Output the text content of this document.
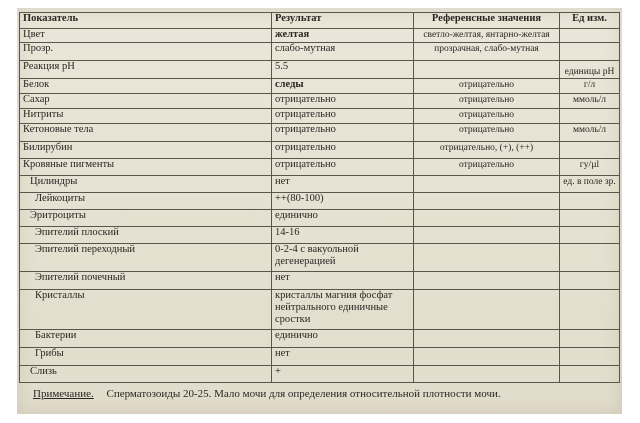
Показатель	Результат	Референсные значения	Ед изм.
Цвет	желтая	светло-желтая, янтарно-желтая	
Прозр.	слабо-мутная	прозрачная, слабо-мутная	
Реакция pH	5.5		единицы pH
Белок	следы	отрицательно	г/л
Сахар	отрицательно	отрицательно	ммоль/л
Нитриты	отрицательно	отрицательно	
Кетоновые тела	отрицательно	отрицательно	ммоль/л
Билирубин	отрицательно	отрицательно, (+), (++)	
Кровяные пигменты	отрицательно	отрицательно	гу/µl
Цилиндры	нет		ед. в поле зр.
Лейкоциты	++(80-100)		
Эритроциты	единично		
Эпителий плоский	14-16		
Эпителий переходный	0-2-4 с вакуольной дегенерацией		
Эпителий почечный	нет		
Кристаллы	кристаллы магния фосфат нейтрального единичные сростки		
Бактерии	единично		
Грибы	нет		
Слизь	+		
Примечание. Сперматозоиды 20-25. Мало мочи для определения относительной плотности мочи.
